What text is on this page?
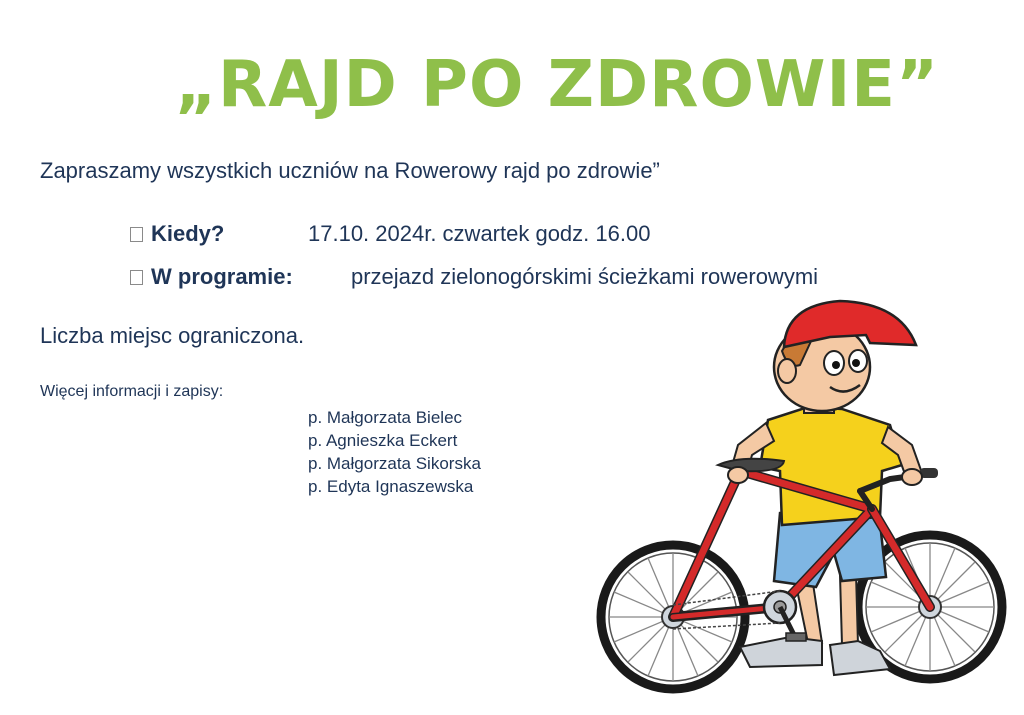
„RAJD PO ZDROWIE”
Zapraszamy wszystkich uczniów na Rowerowy rajd po zdrowie”
Kiedy?	17.10. 2024r. czwartek godz. 16.00
W programie:	przejazd zielonogórskimi ścieżkami rowerowymi
Liczba miejsc ograniczona.
Więcej informacji i zapisy:
p. Małgorzata Bielec
p. Agnieszka Eckert
p. Małgorzata Sikorska
p. Edyta Ignaszewska
